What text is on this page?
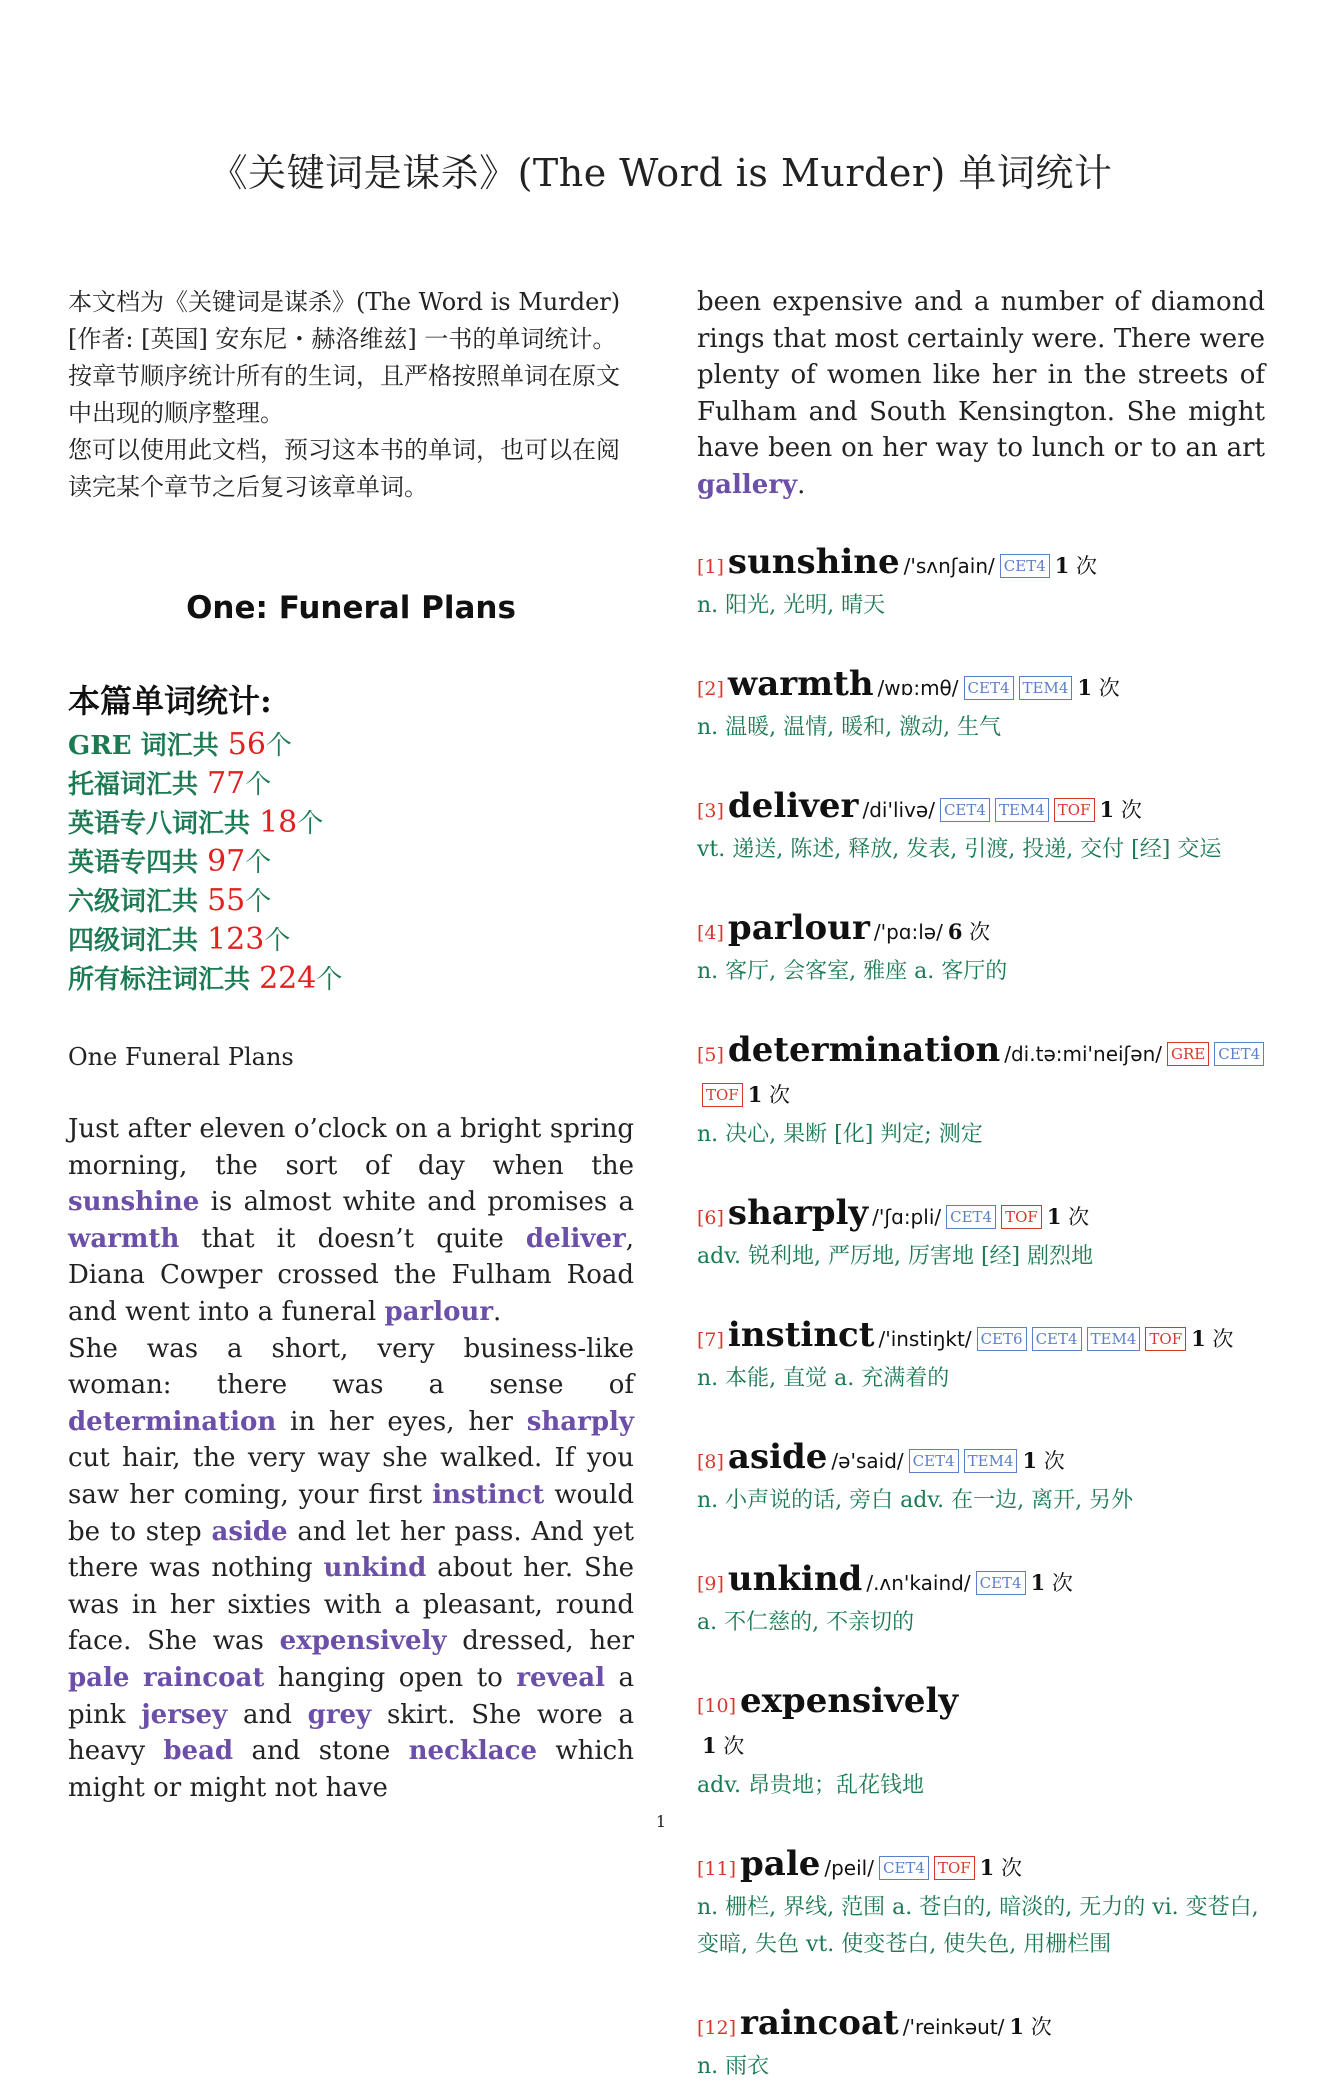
《关键词是谋杀》(The Word is Murder) 单词统计

本文档为《关键词是谋杀》(The Word is Murder)[作者: [英国] 安东尼・赫洛维兹] 一书的单词统计。

按章节顺序统计所有的生词，且严格按照单词在原文中出现的顺序整理。

您可以使用此文档，预习这本书的单词，也可以在阅读完某个章节之后复习该章单词。

One: Funeral Plans
本篇单词统计:
GRE 词汇共 56个
托福词汇共 77个
英语专八词汇共 18个
英语专四共 97个
六级词汇共 55个
四级词汇共 123个
所有标注词汇共 224个
One Funeral Plans
Just after eleven o’clock on a bright spring morning, the sort of day when the sunshine is almost white and promises a warmth that it doesn’t quite deliver, Diana Cowper crossed the Fulham Road and went into a funeral parlour.
She was a short, very business-like woman: there was a sense of determination in her eyes, her sharply cut hair, the very way she walked. If you saw her coming, your first instinct would be to step aside and let her pass. And yet there was nothing unkind about her. She was in her sixties with a pleasant, round face. She was expensively dressed, her pale raincoat hanging open to reveal a pink jersey and grey skirt. She wore a heavy bead and stone necklace which might or might not have

been expensive and a number of diamond rings that most certainly were. There were plenty of women like her in the streets of Fulham and South Kensington. She might have been on her way to lunch or to an art gallery.

[1] sunshine /'sʌnʃain/ CET4 1 次
n. 阳光, 光明, 晴天
[2] warmth /wɒ:mθ/ CET4 TEM4 1 次
n. 温暖, 温情, 暖和, 激动, 生气
[3] deliver /di'livə/ CET4 TEM4 TOF 1 次
vt. 递送, 陈述, 释放, 发表, 引渡, 投递, 交付 [经] 交运
[4] parlour /'pɑ:lə/ 6 次
n. 客厅, 会客室, 雅座 a. 客厅的
[5] determination /di.tə:mi'neiʃən/ GRE CET4TOF 1 次
n. 决心, 果断 [化] 判定; 测定
[6] sharply /'ʃɑ:pli/ CET4 TOF 1 次
adv. 锐利地, 严厉地, 厉害地 [经] 剧烈地
[7] instinct /'instiŋkt/ CET6 CET4 TEM4 TOF 1 次
n. 本能, 直觉 a. 充满着的
[8] aside /ə'said/ CET4 TEM4 1 次
n. 小声说的话, 旁白 adv. 在一边, 离开, 另外
[9] unkind /.ʌn'kaind/ CET4 1 次
a. 不仁慈的, 不亲切的
[10] expensively
1 次
adv. 昂贵地；乱花钱地
[11] pale /peil/ CET4 TOF 1 次
n. 栅栏, 界线, 范围 a. 苍白的, 暗淡的, 无力的 vi. 变苍白, 变暗, 失色 vt. 使变苍白, 使失色, 用栅栏围
[12] raincoat /'reinkəut/ 1 次
n. 雨衣
1
